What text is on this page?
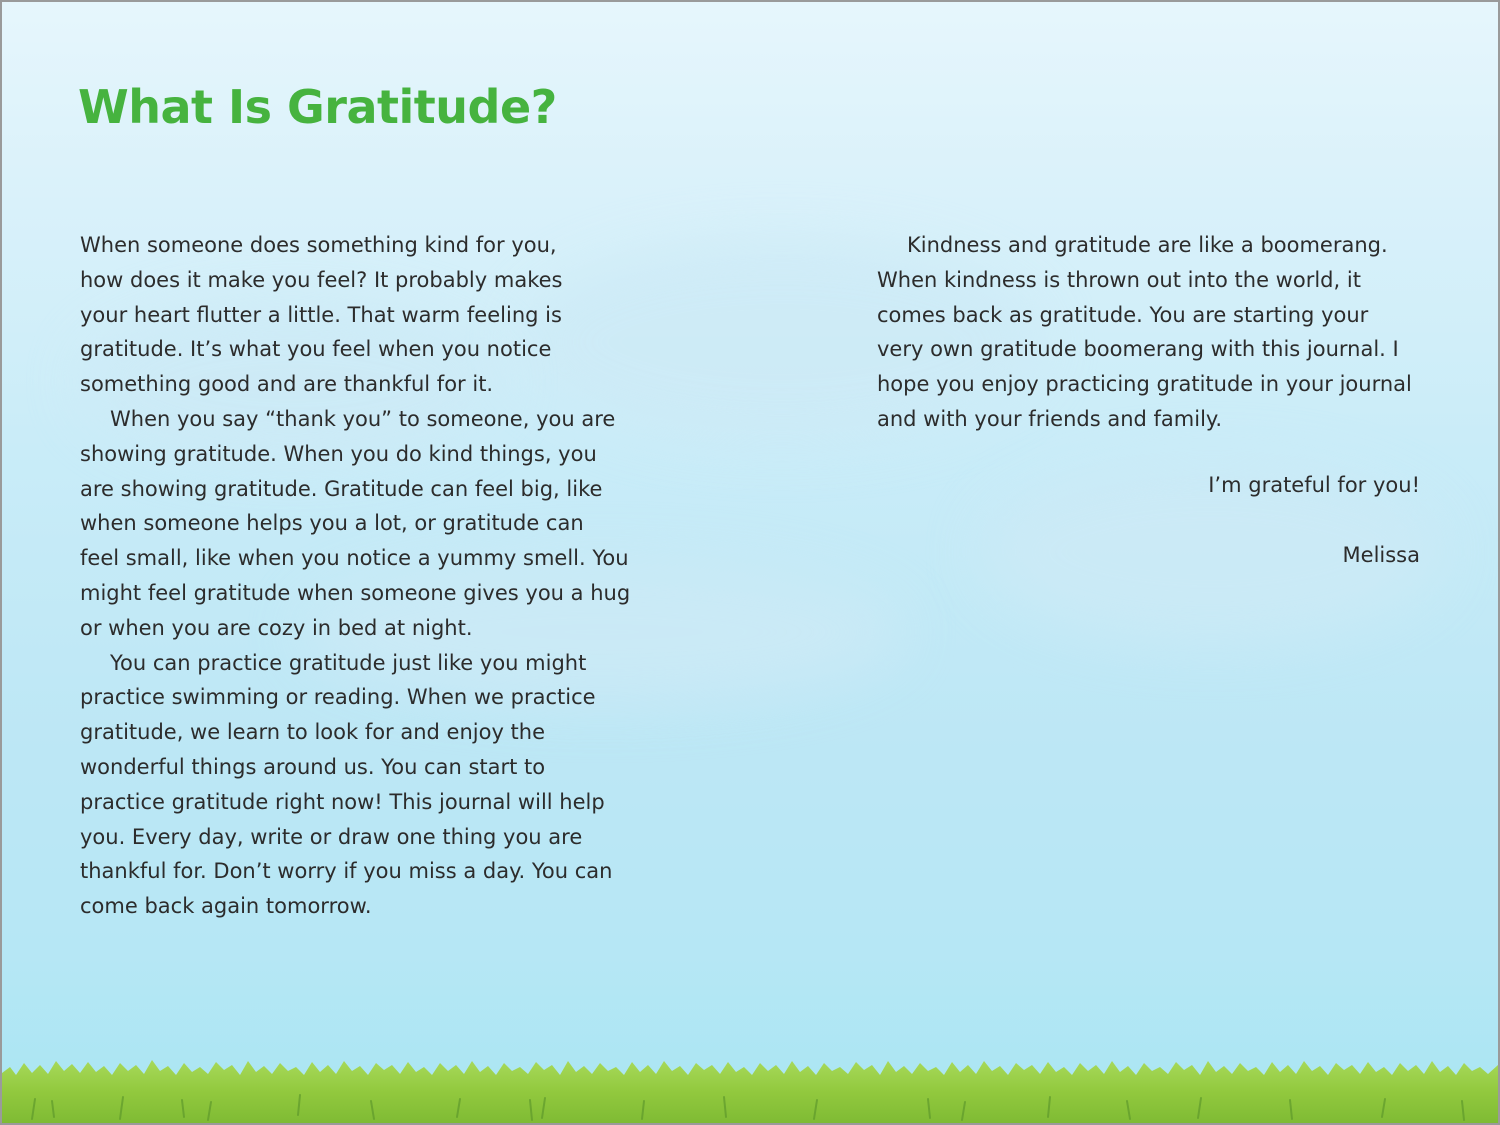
What Is Gratitude?

When someone does something kind for you,
how does it make you feel? It probably makes
your heart flutter a little. That warm feeling is
gratitude. It’s what you feel when you notice
something good and are thankful for it.

When you say “thank you” to someone, you are
showing gratitude. When you do kind things, you
are showing gratitude. Gratitude can feel big, like
when someone helps you a lot, or gratitude can
feel small, like when you notice a yummy smell. You
might feel gratitude when someone gives you a hug
or when you are cozy in bed at night.

You can practice gratitude just like you might
practice swimming or reading. When we practice
gratitude, we learn to look for and enjoy the
wonderful things around us. You can start to
practice gratitude right now! This journal will help
you. Every day, write or draw one thing you are
thankful for. Don’t worry if you miss a day. You can
come back again tomorrow.

Kindness and gratitude are like a boomerang.
When kindness is thrown out into the world, it
comes back as gratitude. You are starting your
very own gratitude boomerang with this journal. I
hope you enjoy practicing gratitude in your journal
and with your friends and family.

I’m grateful for you!
Melissa
